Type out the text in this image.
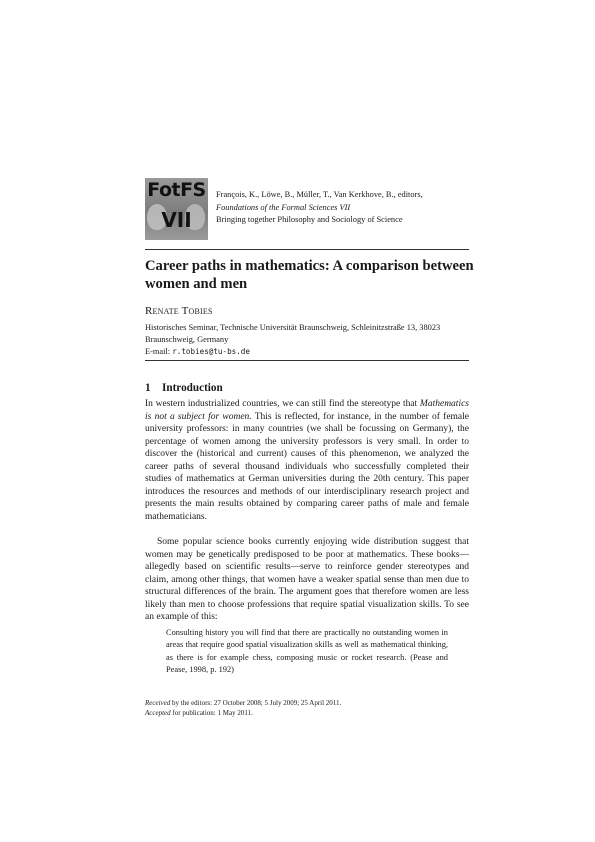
FotFS
VII
François, K., Löwe, B., Müller, T., Van Kerkhove, B., editors,
Foundations of the Formal Sciences VII
Bringing together Philosophy and Sociology of Science
Career paths in mathematics: A comparison between women and men
Renate Tobies
Historisches Seminar, Technische Universität Braunschweig, Schleinitzstraße 13, 38023 Braunschweig, Germany
E-mail: r.tobies@tu-bs.de
1 Introduction
In western industrialized countries, we can still find the stereotype that Mathematics is not a subject for women. This is reflected, for instance, in the number of female university professors: in many countries (we shall be focussing on Germany), the percentage of women among the university professors is very small. In order to discover the (historical and current) causes of this phenomenon, we analyzed the career paths of several thousand individuals who successfully completed their studies of mathematics at German universities during the 20th century. This paper introduces the resources and methods of our interdisciplinary research project and presents the main results obtained by comparing career paths of male and female mathematicians.
Some popular science books currently enjoying wide distribution suggest that women may be genetically predisposed to be poor at mathematics. These books—allegedly based on scientific results—serve to reinforce gender stereotypes and claim, among other things, that women have a weaker spatial sense than men due to structural differences of the brain. The argument goes that therefore women are less likely than men to choose professions that require spatial visualization skills. To see an example of this:
Consulting history you will find that there are practically no outstanding women in areas that require good spatial visualization skills as well as mathematical thinking, as there is for example chess, composing music or rocket research. (Pease and Pease, 1998, p. 192)
Received by the editors: 27 October 2008; 5 July 2009; 25 April 2011.
Accepted for publication: 1 May 2011.
